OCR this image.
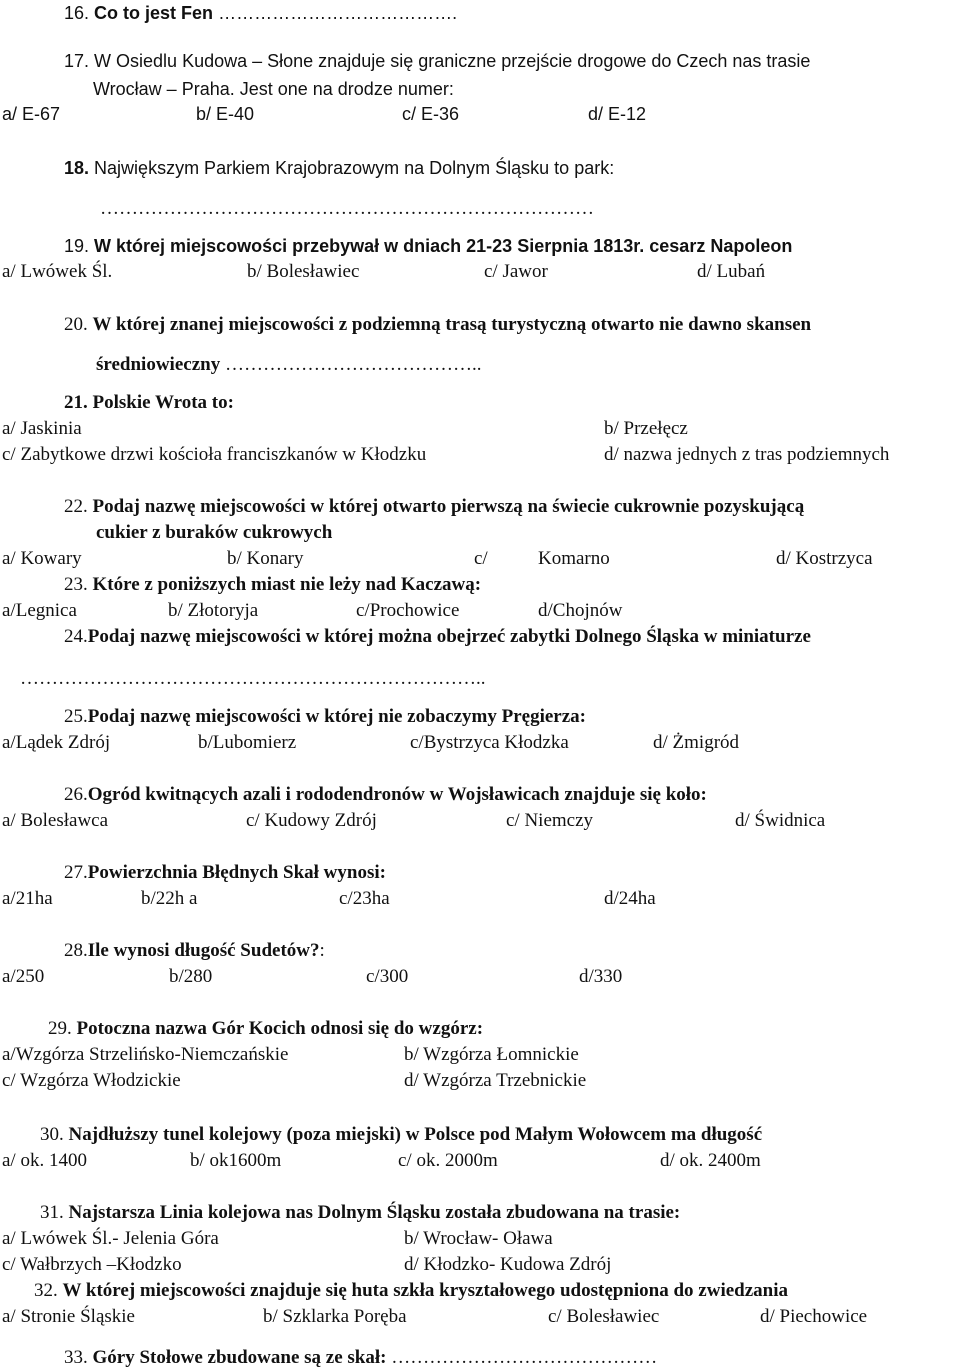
16. Co to jest Fen ………………………………….
17. W Osiedlu Kudowa – Słone znajduje się graniczne przejście drogowe do Czech nas trasie
Wrocław – Praha. Jest one na drodze numer:
a/ E-67	b/ E-40	c/ E-36	d/ E-12
18. Największym Parkiem Krajobrazowym na Dolnym Śląsku to park:
……………………………………………………………………
19. W której miejscowości przebywał w dniach 21-23 Sierpnia 1813r. cesarz Napoleon
a/ Lwówek Śl.	b/ Bolesławiec	c/ Jawor	d/ Lubań
20. W której znanej miejscowości z podziemną trasą turystyczną otwarto nie dawno skansen
średniowieczny …………………………………..
21. Polskie Wrota to:
a/ Jaskinia	b/ Przełęcz
c/ Zabytkowe drzwi kościoła franciszkanów w Kłodzku	d/ nazwa jednych z tras podziemnych
22. Podaj nazwę miejscowości w której otwarto pierwszą na świecie cukrownie pozyskującą
cukier z buraków cukrowych
a/ Kowary	b/ Konary	c/	Komarno	d/ Kostrzyca
23. Które z poniższych miast nie leży nad Kaczawą:
a/Legnica	b/ Złotoryja	c/Prochowice	d/Chojnów
24.Podaj nazwę miejscowości w której można obejrzeć zabytki Dolnego Śląska w miniaturze
………………………………………………………………..
25.Podaj nazwę miejscowości w której nie zobaczymy Pręgierza:
a/Lądek Zdrój	b/Lubomierz	c/Bystrzyca Kłodzka	d/ Żmigród
26.Ogród kwitnących azali i rododendronów w Wojsławicach znajduje się koło:
a/ Bolesławca	c/ Kudowy Zdrój	c/ Niemczy	d/ Świdnica
27.Powierzchnia Błędnych Skał wynosi:
a/21ha	b/22h a	c/23ha	d/24ha
28.Ile wynosi długość Sudetów?:
a/250	b/280	c/300	d/330
29. Potoczna nazwa Gór Kocich odnosi się do wzgórz:
a/Wzgórza Strzelińsko-Niemczańskie	b/ Wzgórza Łomnickie
c/ Wzgórza Włodzickie	d/ Wzgórza Trzebnickie
30. Najdłuższy tunel kolejowy (poza miejski) w Polsce pod Małym Wołowcem ma długość
a/ ok. 1400	b/ ok1600m	c/ ok. 2000m	d/ ok. 2400m
31. Najstarsza Linia kolejowa nas Dolnym Śląsku została zbudowana na trasie:
a/ Lwówek Śl.- Jelenia Góra	b/ Wrocław- Oława
c/ Wałbrzych –Kłodzko	d/ Kłodzko- Kudowa Zdrój
32. W której miejscowości znajduje się huta szkła kryształowego udostępniona do zwiedzania
a/ Stronie Śląskie	b/ Szklarka Poręba	c/ Bolesławiec	d/ Piechowice
33. Góry Stołowe zbudowane są ze skał: ……………………………………
